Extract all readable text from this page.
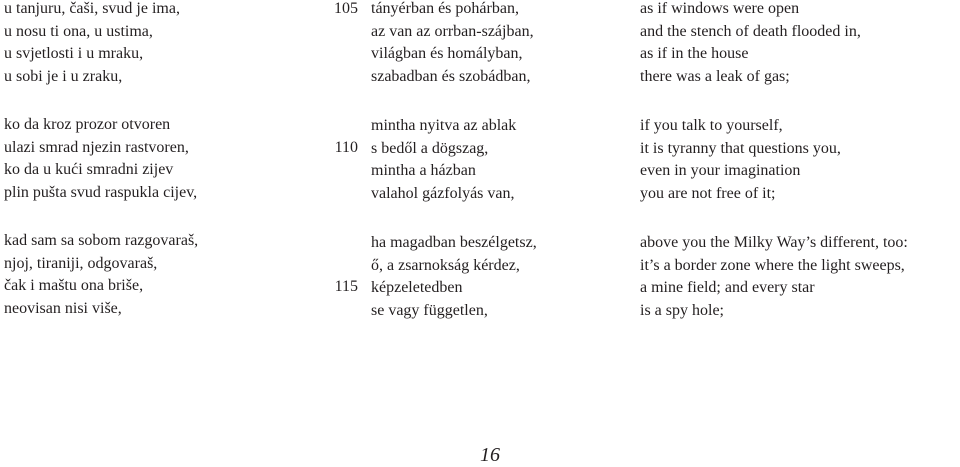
u tanjuru, čaši, svud je ima,
u nosu ti ona, u ustima,
u svjetlosti i u mraku,
u sobi je i u zraku,
ko da kroz prozor otvoren
ulazi smrad njezin rastvoren,
ko da u kući smradni zijev
plin pušta svud raspukla cijev,
kad sam sa sobom razgovaraš,
njoj, tiraniji, odgovaraš,
čak i maštu ona briše,
neovisan nisi više,
105
110
115
tányérban és pohárban,
az van az orrban-szájban,
világban és homályban,
szabadban és szobádban,
mintha nyitva az ablak
s bedől a dögszag,
mintha a házban
valahol gázfolyás van,
ha magadban beszélgetsz,
ő, a zsarnokság kérdez,
képzeletedben
se vagy független,
as if windows were open
and the stench of death flooded in,
as if in the house
there was a leak of gas;
if you talk to yourself,
it is tyranny that questions you,
even in your imagination
you are not free of it;
above you the Milky Way’s different, too:
it’s a border zone where the light sweeps,
a mine field; and every star
is a spy hole;
16
